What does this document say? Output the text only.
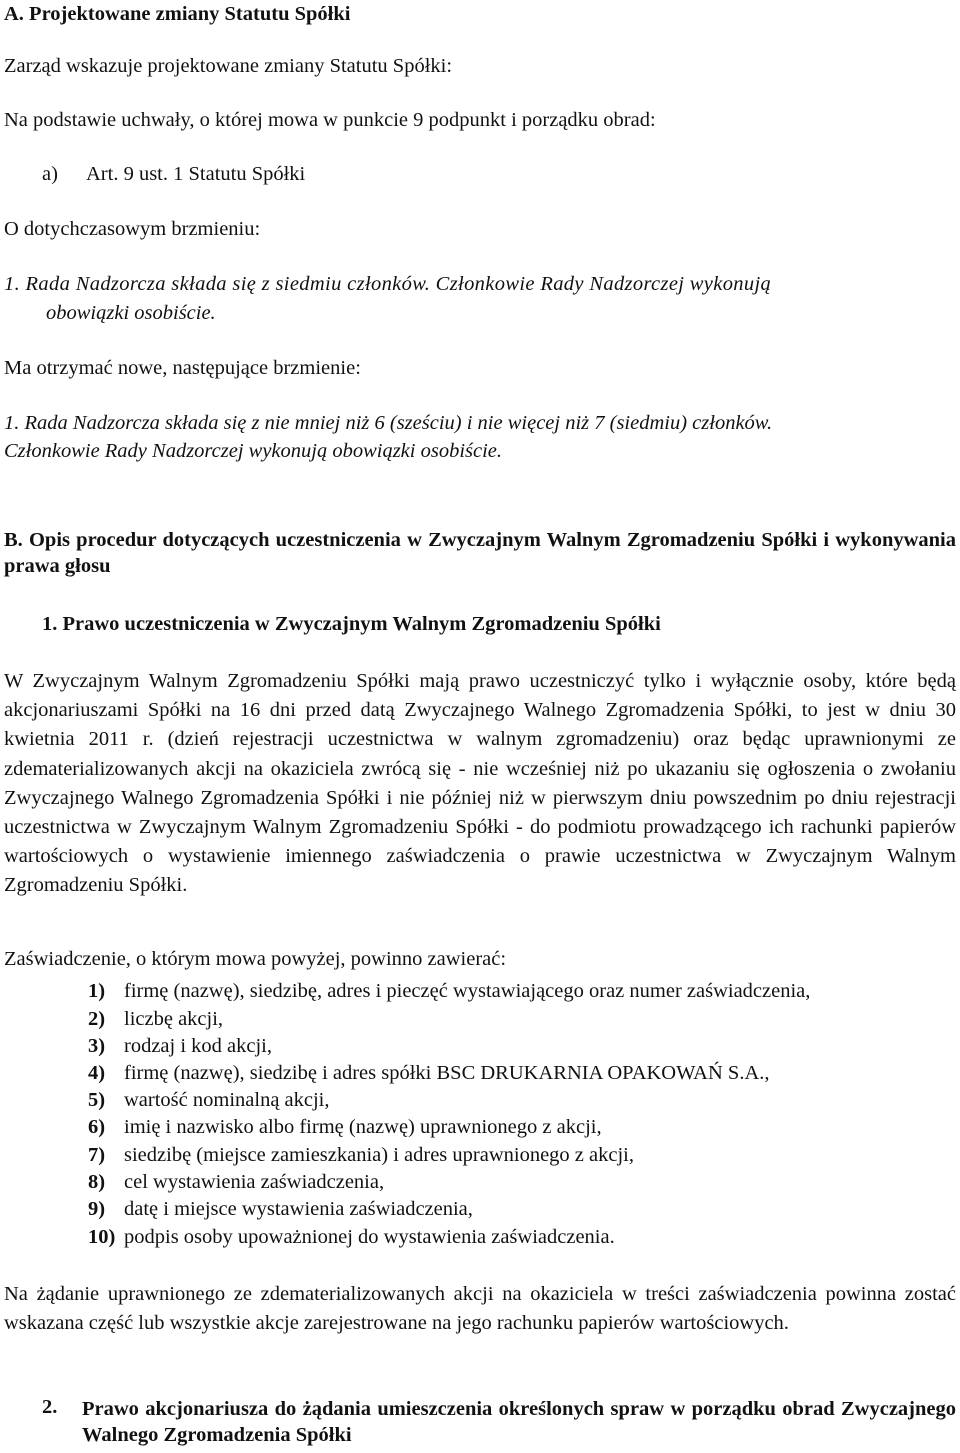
A. Projektowane zmiany Statutu Spółki
Zarząd wskazuje projektowane zmiany Statutu Spółki:
Na podstawie uchwały, o której mowa w punkcie 9 podpunkt i porządku obrad:
a) Art. 9 ust. 1 Statutu Spółki
O dotychczasowym brzmieniu:
1. Rada Nadzorcza składa się z siedmiu członków. Członkowie Rady Nadzorczej wykonują
obowiązki osobiście.
Ma otrzymać nowe, następujące brzmienie:
1. Rada Nadzorcza składa się z nie mniej niż 6 (sześciu) i nie więcej niż 7 (siedmiu) członków.
Członkowie Rady Nadzorczej wykonują obowiązki osobiście.
B. Opis procedur dotyczących uczestniczenia w Zwyczajnym Walnym Zgromadzeniu Spółki i wykonywania prawa głosu
1. Prawo uczestniczenia w Zwyczajnym Walnym Zgromadzeniu Spółki
W Zwyczajnym Walnym Zgromadzeniu Spółki mają prawo uczestniczyć tylko i wyłącznie osoby, które będą akcjonariuszami Spółki na 16 dni przed datą Zwyczajnego Walnego Zgromadzenia Spółki, to jest w dniu 30 kwietnia 2011 r. (dzień rejestracji uczestnictwa w walnym zgromadzeniu) oraz będąc uprawnionymi ze zdematerializowanych akcji na okaziciela zwrócą się - nie wcześniej niż po ukazaniu się ogłoszenia o zwołaniu Zwyczajnego Walnego Zgromadzenia Spółki i nie później niż w pierwszym dniu powszednim po dniu rejestracji uczestnictwa w Zwyczajnym Walnym Zgromadzeniu Spółki - do podmiotu prowadzącego ich rachunki papierów wartościowych o wystawienie imiennego zaświadczenia o prawie uczestnictwa w Zwyczajnym Walnym Zgromadzeniu Spółki.
Zaświadczenie, o którym mowa powyżej, powinno zawierać:
1) firmę (nazwę), siedzibę, adres i pieczęć wystawiającego oraz numer zaświadczenia,
2) liczbę akcji,
3) rodzaj i kod akcji,
4) firmę (nazwę), siedzibę i adres spółki BSC DRUKARNIA OPAKOWAŃ S.A.,
5) wartość nominalną akcji,
6) imię i nazwisko albo firmę (nazwę) uprawnionego z akcji,
7) siedzibę (miejsce zamieszkania) i adres uprawnionego z akcji,
8) cel wystawienia zaświadczenia,
9) datę i miejsce wystawienia zaświadczenia,
10) podpis osoby upoważnionej do wystawienia zaświadczenia.
Na żądanie uprawnionego ze zdematerializowanych akcji na okaziciela w treści zaświadczenia powinna zostać wskazana część lub wszystkie akcje zarejestrowane na jego rachunku papierów wartościowych.
2. Prawo akcjonariusza do żądania umieszczenia określonych spraw w porządku obrad Zwyczajnego Walnego Zgromadzenia Spółki
